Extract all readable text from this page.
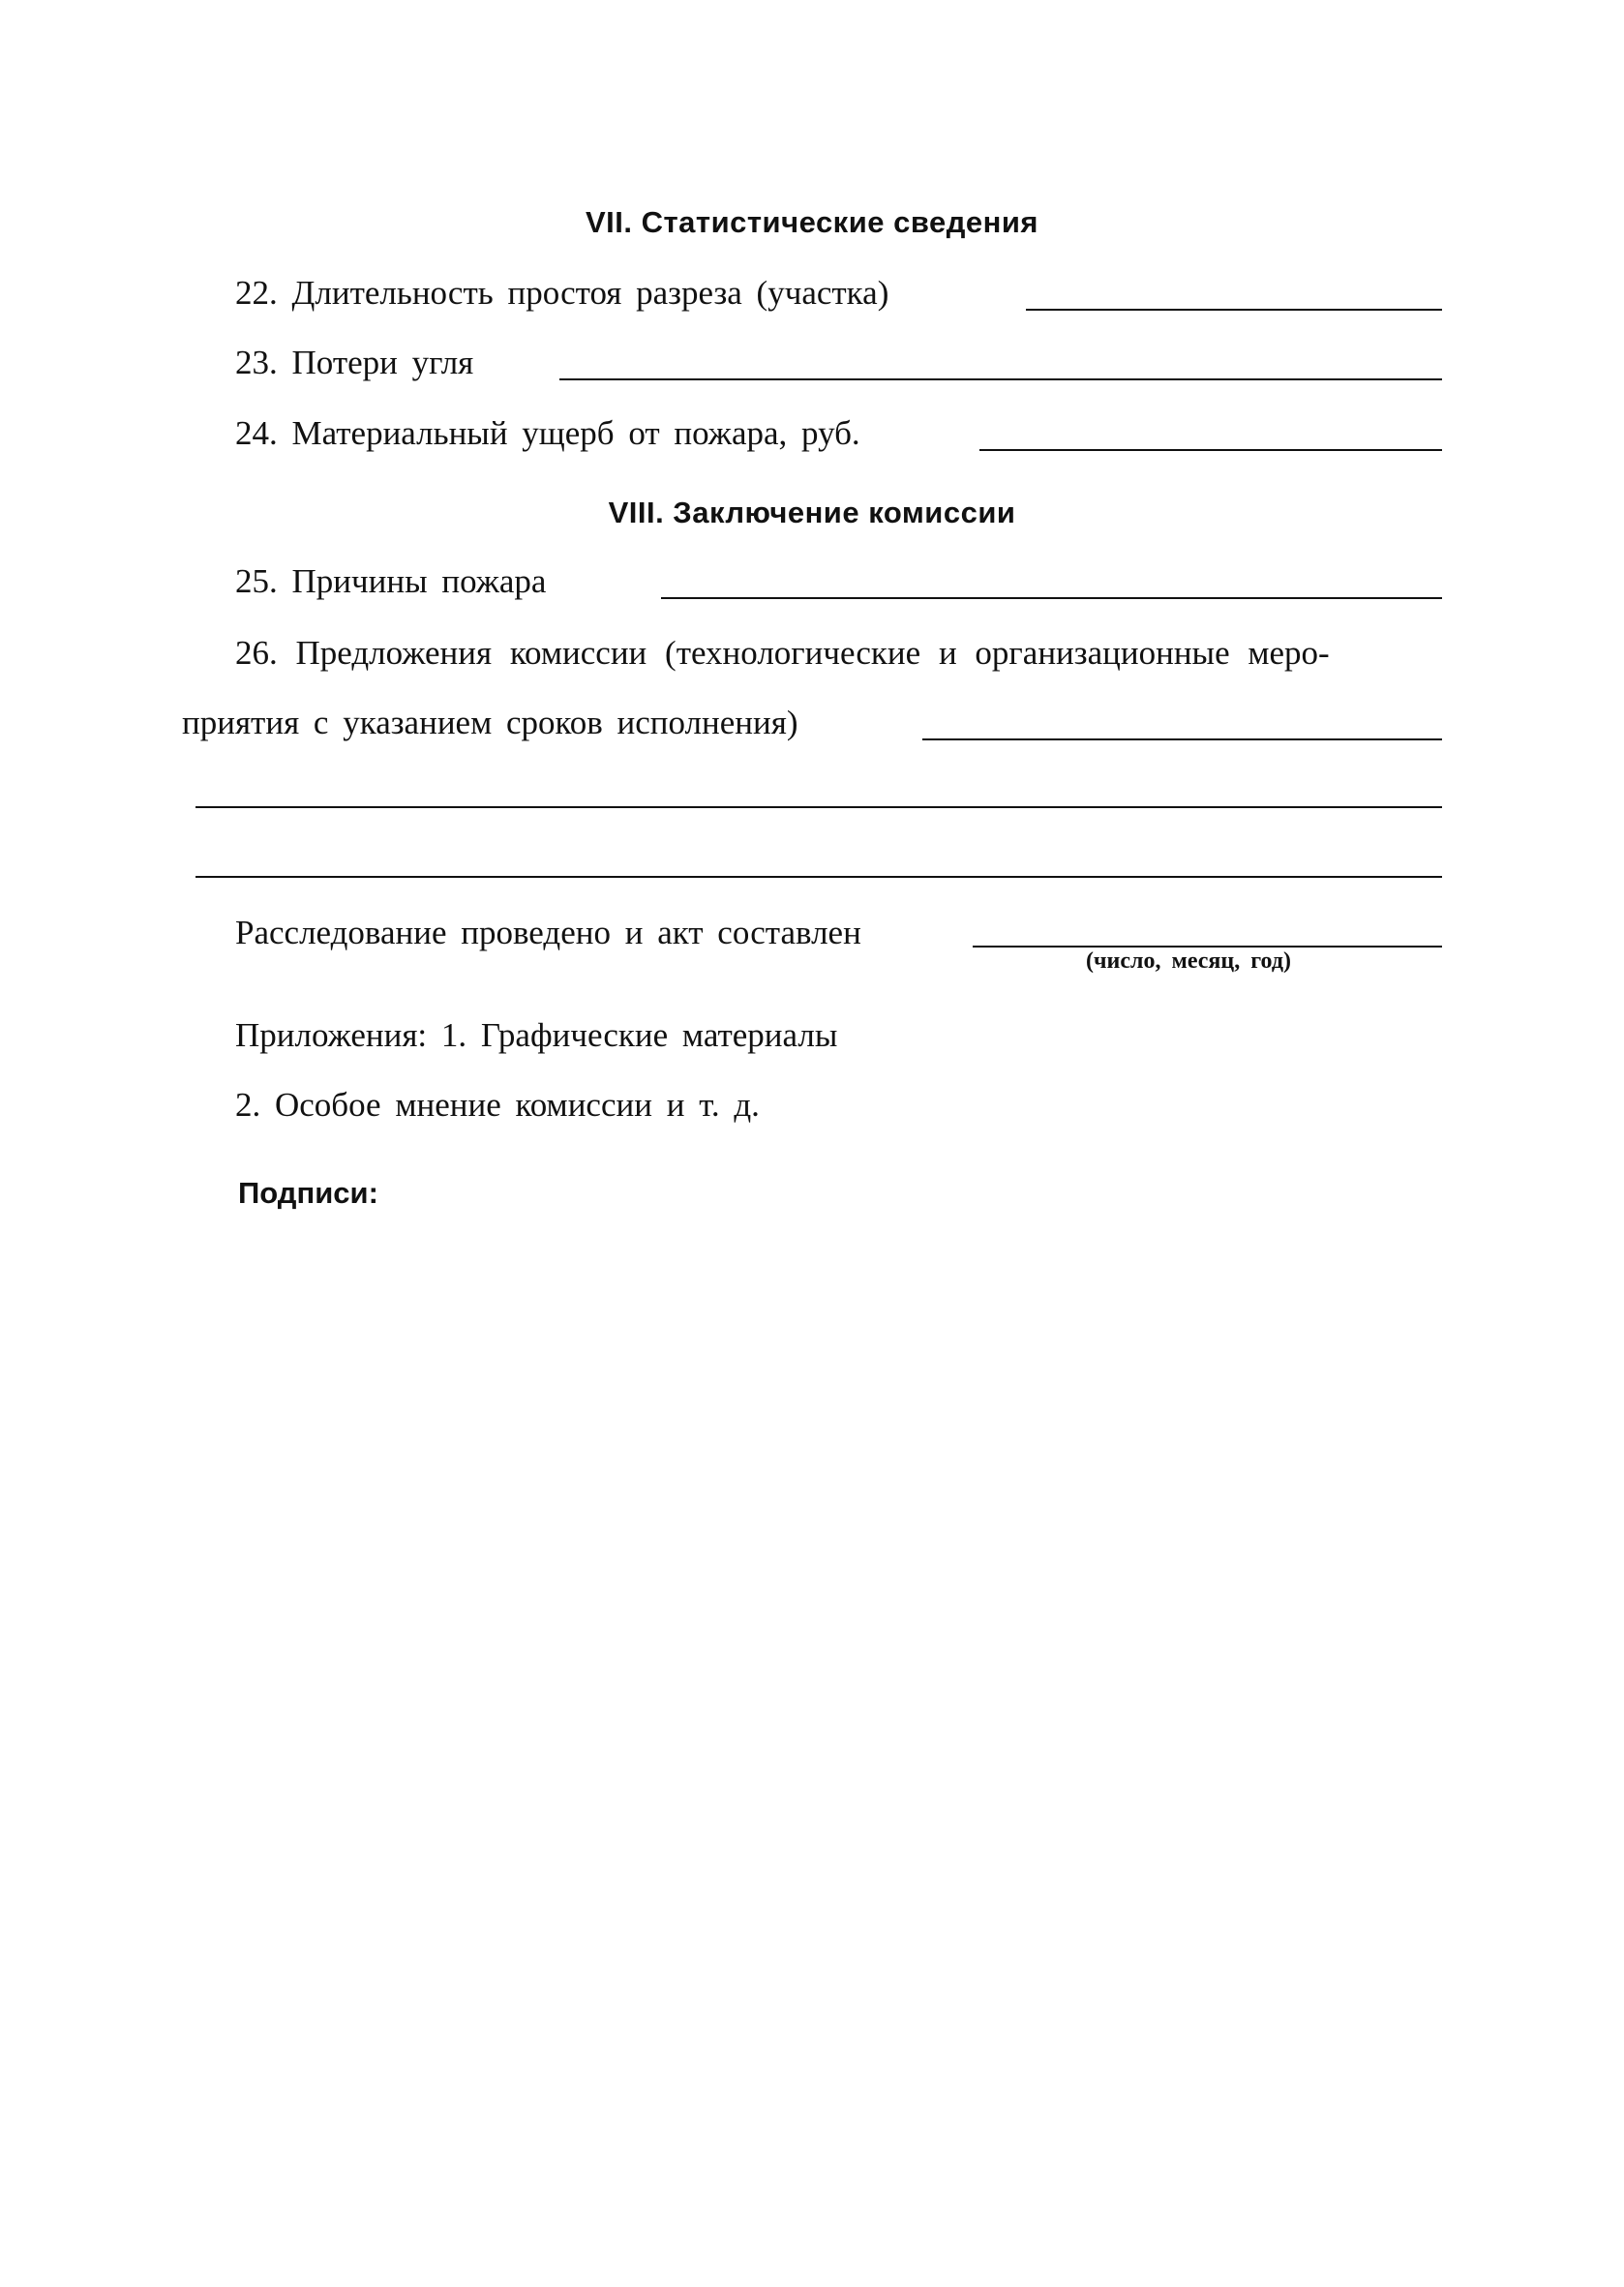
VII. Статистические сведения
22. Длительность простоя разреза (участка)
23. Потери угля
24. Материальный ущерб от пожара, руб.
VIII. Заключение комиссии
25. Причины пожара
26. Предложения комиссии (технологические и организационные меро-
приятия с указанием сроков исполнения)
Расследование проведено и акт составлен
(число, месяц, год)
Приложения: 1. Графические материалы
2. Особое мнение комиссии и т. д.
Подписи:
